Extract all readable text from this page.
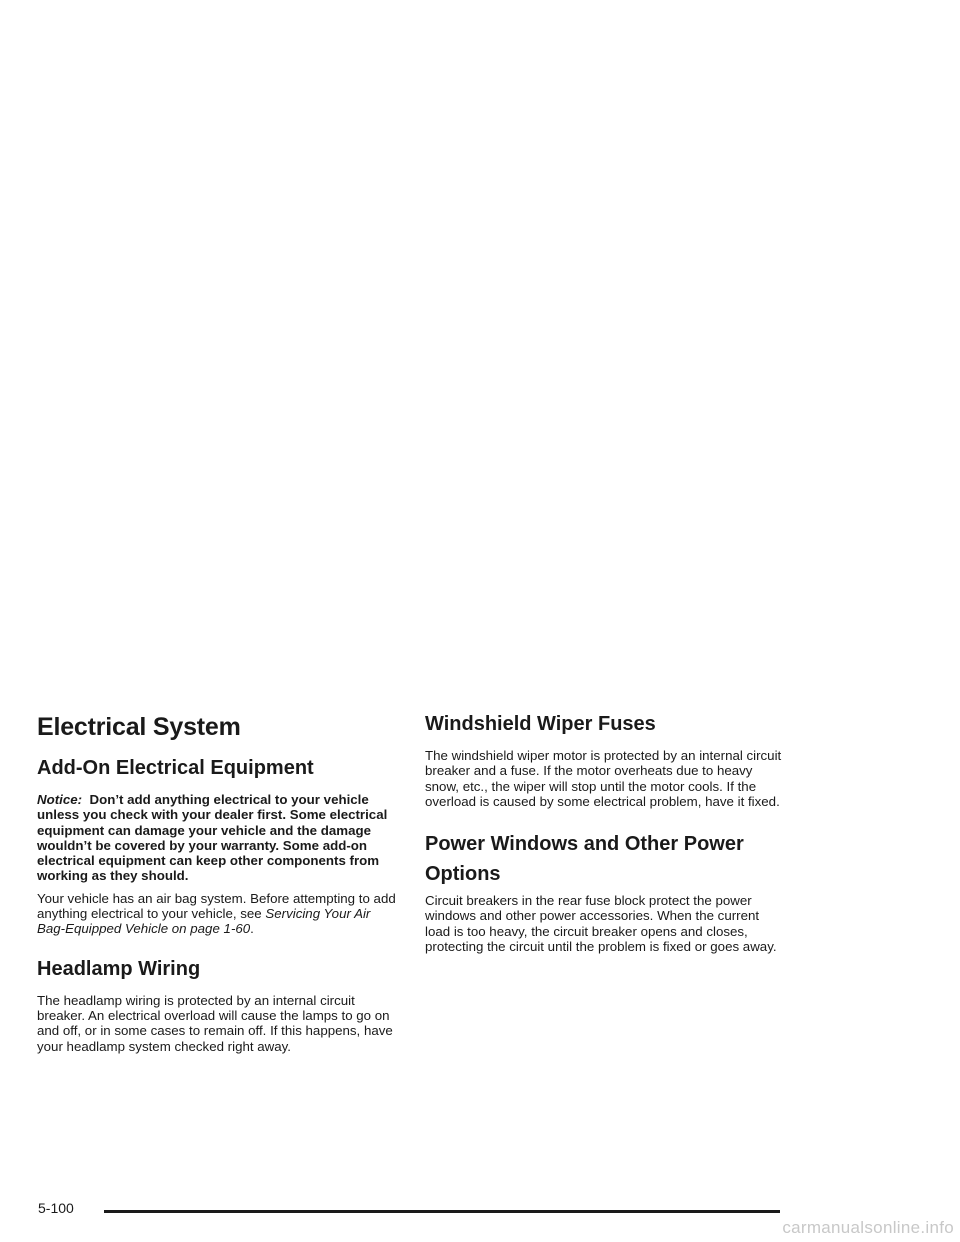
Electrical System
Add-On Electrical Equipment

Notice: Don’t add anything electrical to your vehicle unless you check with your dealer first. Some electrical equipment can damage your vehicle and the damage wouldn’t be covered by your warranty. Some add-on electrical equipment can keep other components from working as they should.

Your vehicle has an air bag system. Before attempting to add anything electrical to your vehicle, see Servicing Your Air Bag-Equipped Vehicle on page 1-60.

Headlamp Wiring

The headlamp wiring is protected by an internal circuit breaker. An electrical overload will cause the lamps to go on and off, or in some cases to remain off. If this happens, have your headlamp system checked right away.

Windshield Wiper Fuses

The windshield wiper motor is protected by an internal circuit breaker and a fuse. If the motor overheats due to heavy snow, etc., the wiper will stop until the motor cools. If the overload is caused by some electrical problem, have it fixed.

Power Windows and Other Power Options

Circuit breakers in the rear fuse block protect the power windows and other power accessories. When the current load is too heavy, the circuit breaker opens and closes, protecting the circuit until the problem is fixed or goes away.

5-100
carmanualsonline.info
